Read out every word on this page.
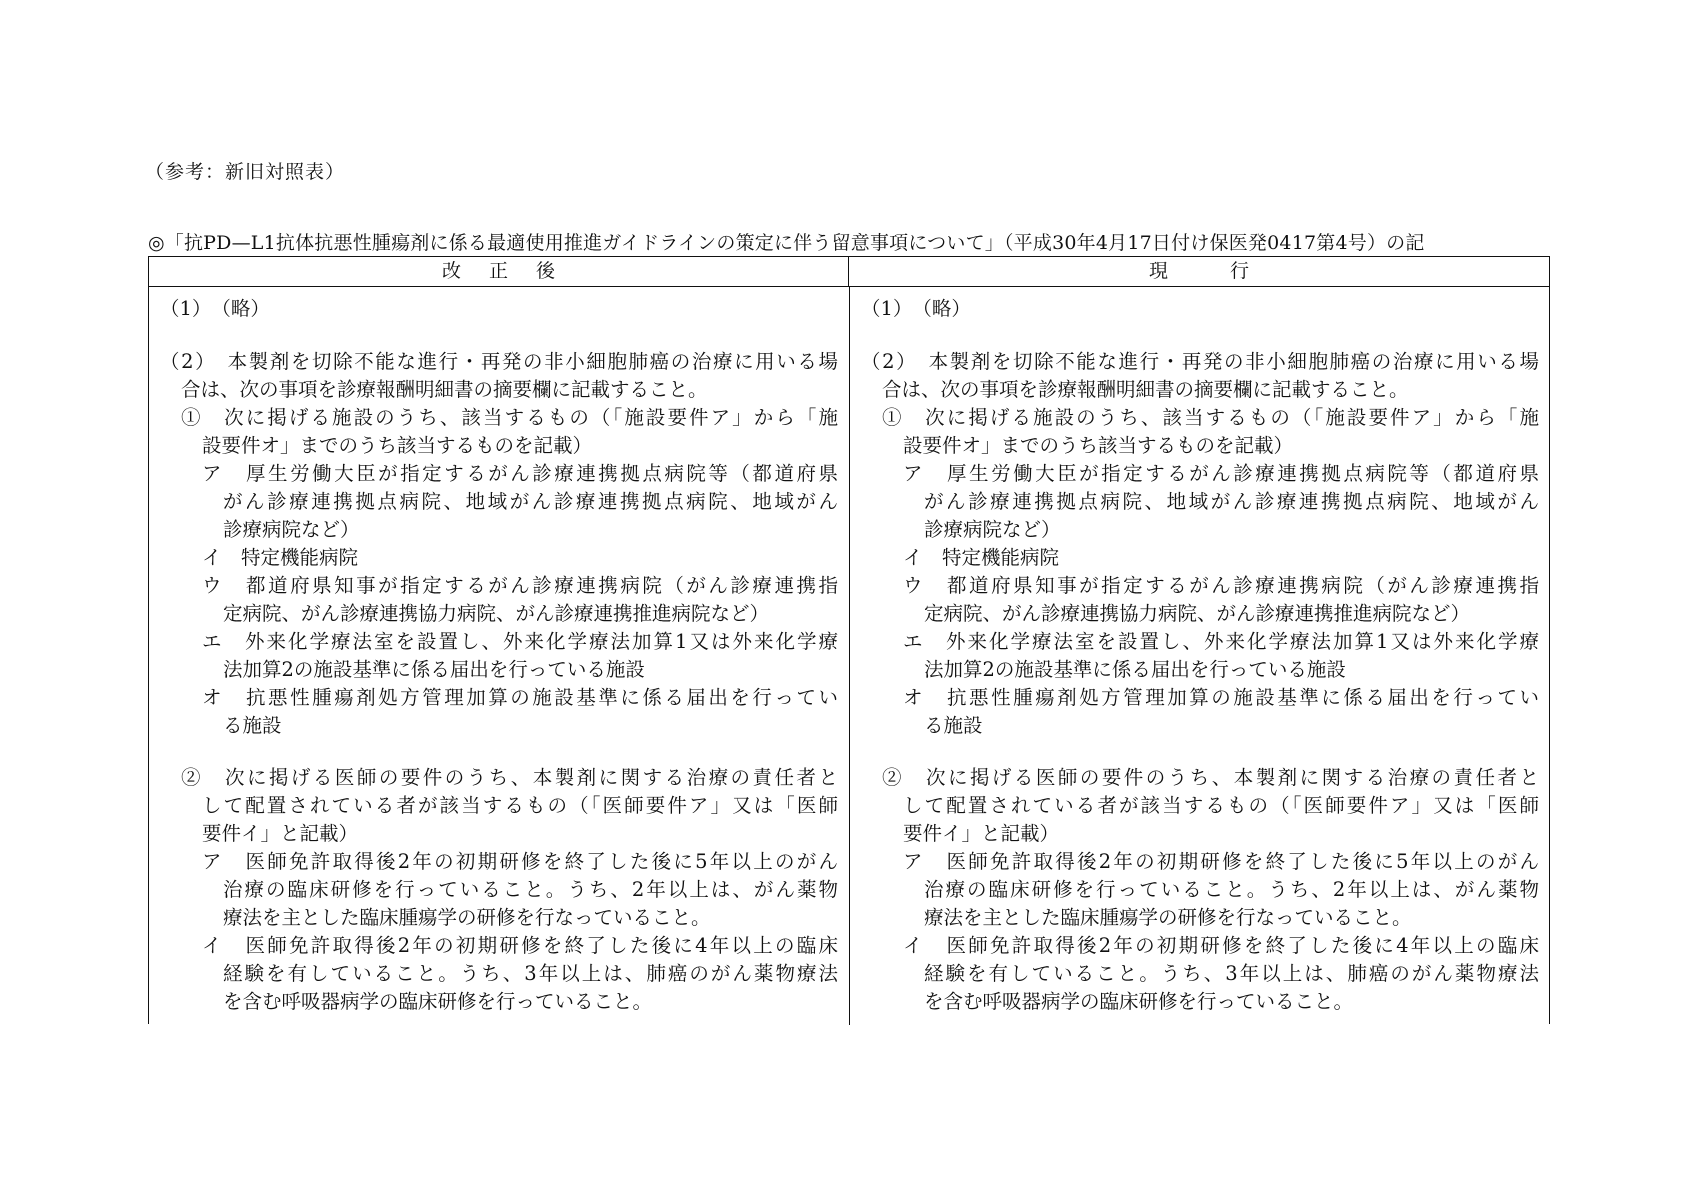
（参考：新旧対照表）
◎「抗PD—L1抗体抗悪性腫瘍剤に係る最適使用推進ガイドラインの策定に伴う留意事項について」（平成30年4月17日付け保医発0417第4号）の記
改正後	現行
（1）　（略）
（2）　本製剤を切除不能な進行・再発の非小細胞肺癌の治療に用いる場
合は、次の事項を診療報酬明細書の摘要欄に記載すること。
①　次に掲げる施設のうち、該当するもの（「施設要件ア」から「施
設要件オ」までのうち該当するものを記載）
ア　厚生労働大臣が指定するがん診療連携拠点病院等（都道府県
がん診療連携拠点病院、地域がん診療連携拠点病院、地域がん
診療病院など）
イ　特定機能病院
ウ　都道府県知事が指定するがん診療連携病院（がん診療連携指
定病院、がん診療連携協力病院、がん診療連携推進病院など）
エ　外来化学療法室を設置し、外来化学療法加算1又は外来化学療
法加算2の施設基準に係る届出を行っている施設
オ　抗悪性腫瘍剤処方管理加算の施設基準に係る届出を行ってい
る施設
②　次に掲げる医師の要件のうち、本製剤に関する治療の責任者と
して配置されている者が該当するもの（「医師要件ア」又は「医師
要件イ」と記載）
ア　医師免許取得後2年の初期研修を終了した後に5年以上のがん
治療の臨床研修を行っていること。うち、2年以上は、がん薬物
療法を主とした臨床腫瘍学の研修を行なっていること。
イ　医師免許取得後2年の初期研修を終了した後に4年以上の臨床
経験を有していること。うち、3年以上は、肺癌のがん薬物療法
を含む呼吸器病学の臨床研修を行っていること。
（1）　（略）
（2）　本製剤を切除不能な進行・再発の非小細胞肺癌の治療に用いる場
合は、次の事項を診療報酬明細書の摘要欄に記載すること。
①　次に掲げる施設のうち、該当するもの（「施設要件ア」から「施
設要件オ」までのうち該当するものを記載）
ア　厚生労働大臣が指定するがん診療連携拠点病院等（都道府県
がん診療連携拠点病院、地域がん診療連携拠点病院、地域がん
診療病院など）
イ　特定機能病院
ウ　都道府県知事が指定するがん診療連携病院（がん診療連携指
定病院、がん診療連携協力病院、がん診療連携推進病院など）
エ　外来化学療法室を設置し、外来化学療法加算1又は外来化学療
法加算2の施設基準に係る届出を行っている施設
オ　抗悪性腫瘍剤処方管理加算の施設基準に係る届出を行ってい
る施設
②　次に掲げる医師の要件のうち、本製剤に関する治療の責任者と
して配置されている者が該当するもの（「医師要件ア」又は「医師
要件イ」と記載）
ア　医師免許取得後2年の初期研修を終了した後に5年以上のがん
治療の臨床研修を行っていること。うち、2年以上は、がん薬物
療法を主とした臨床腫瘍学の研修を行なっていること。
イ　医師免許取得後2年の初期研修を終了した後に4年以上の臨床
経験を有していること。うち、3年以上は、肺癌のがん薬物療法
を含む呼吸器病学の臨床研修を行っていること。
